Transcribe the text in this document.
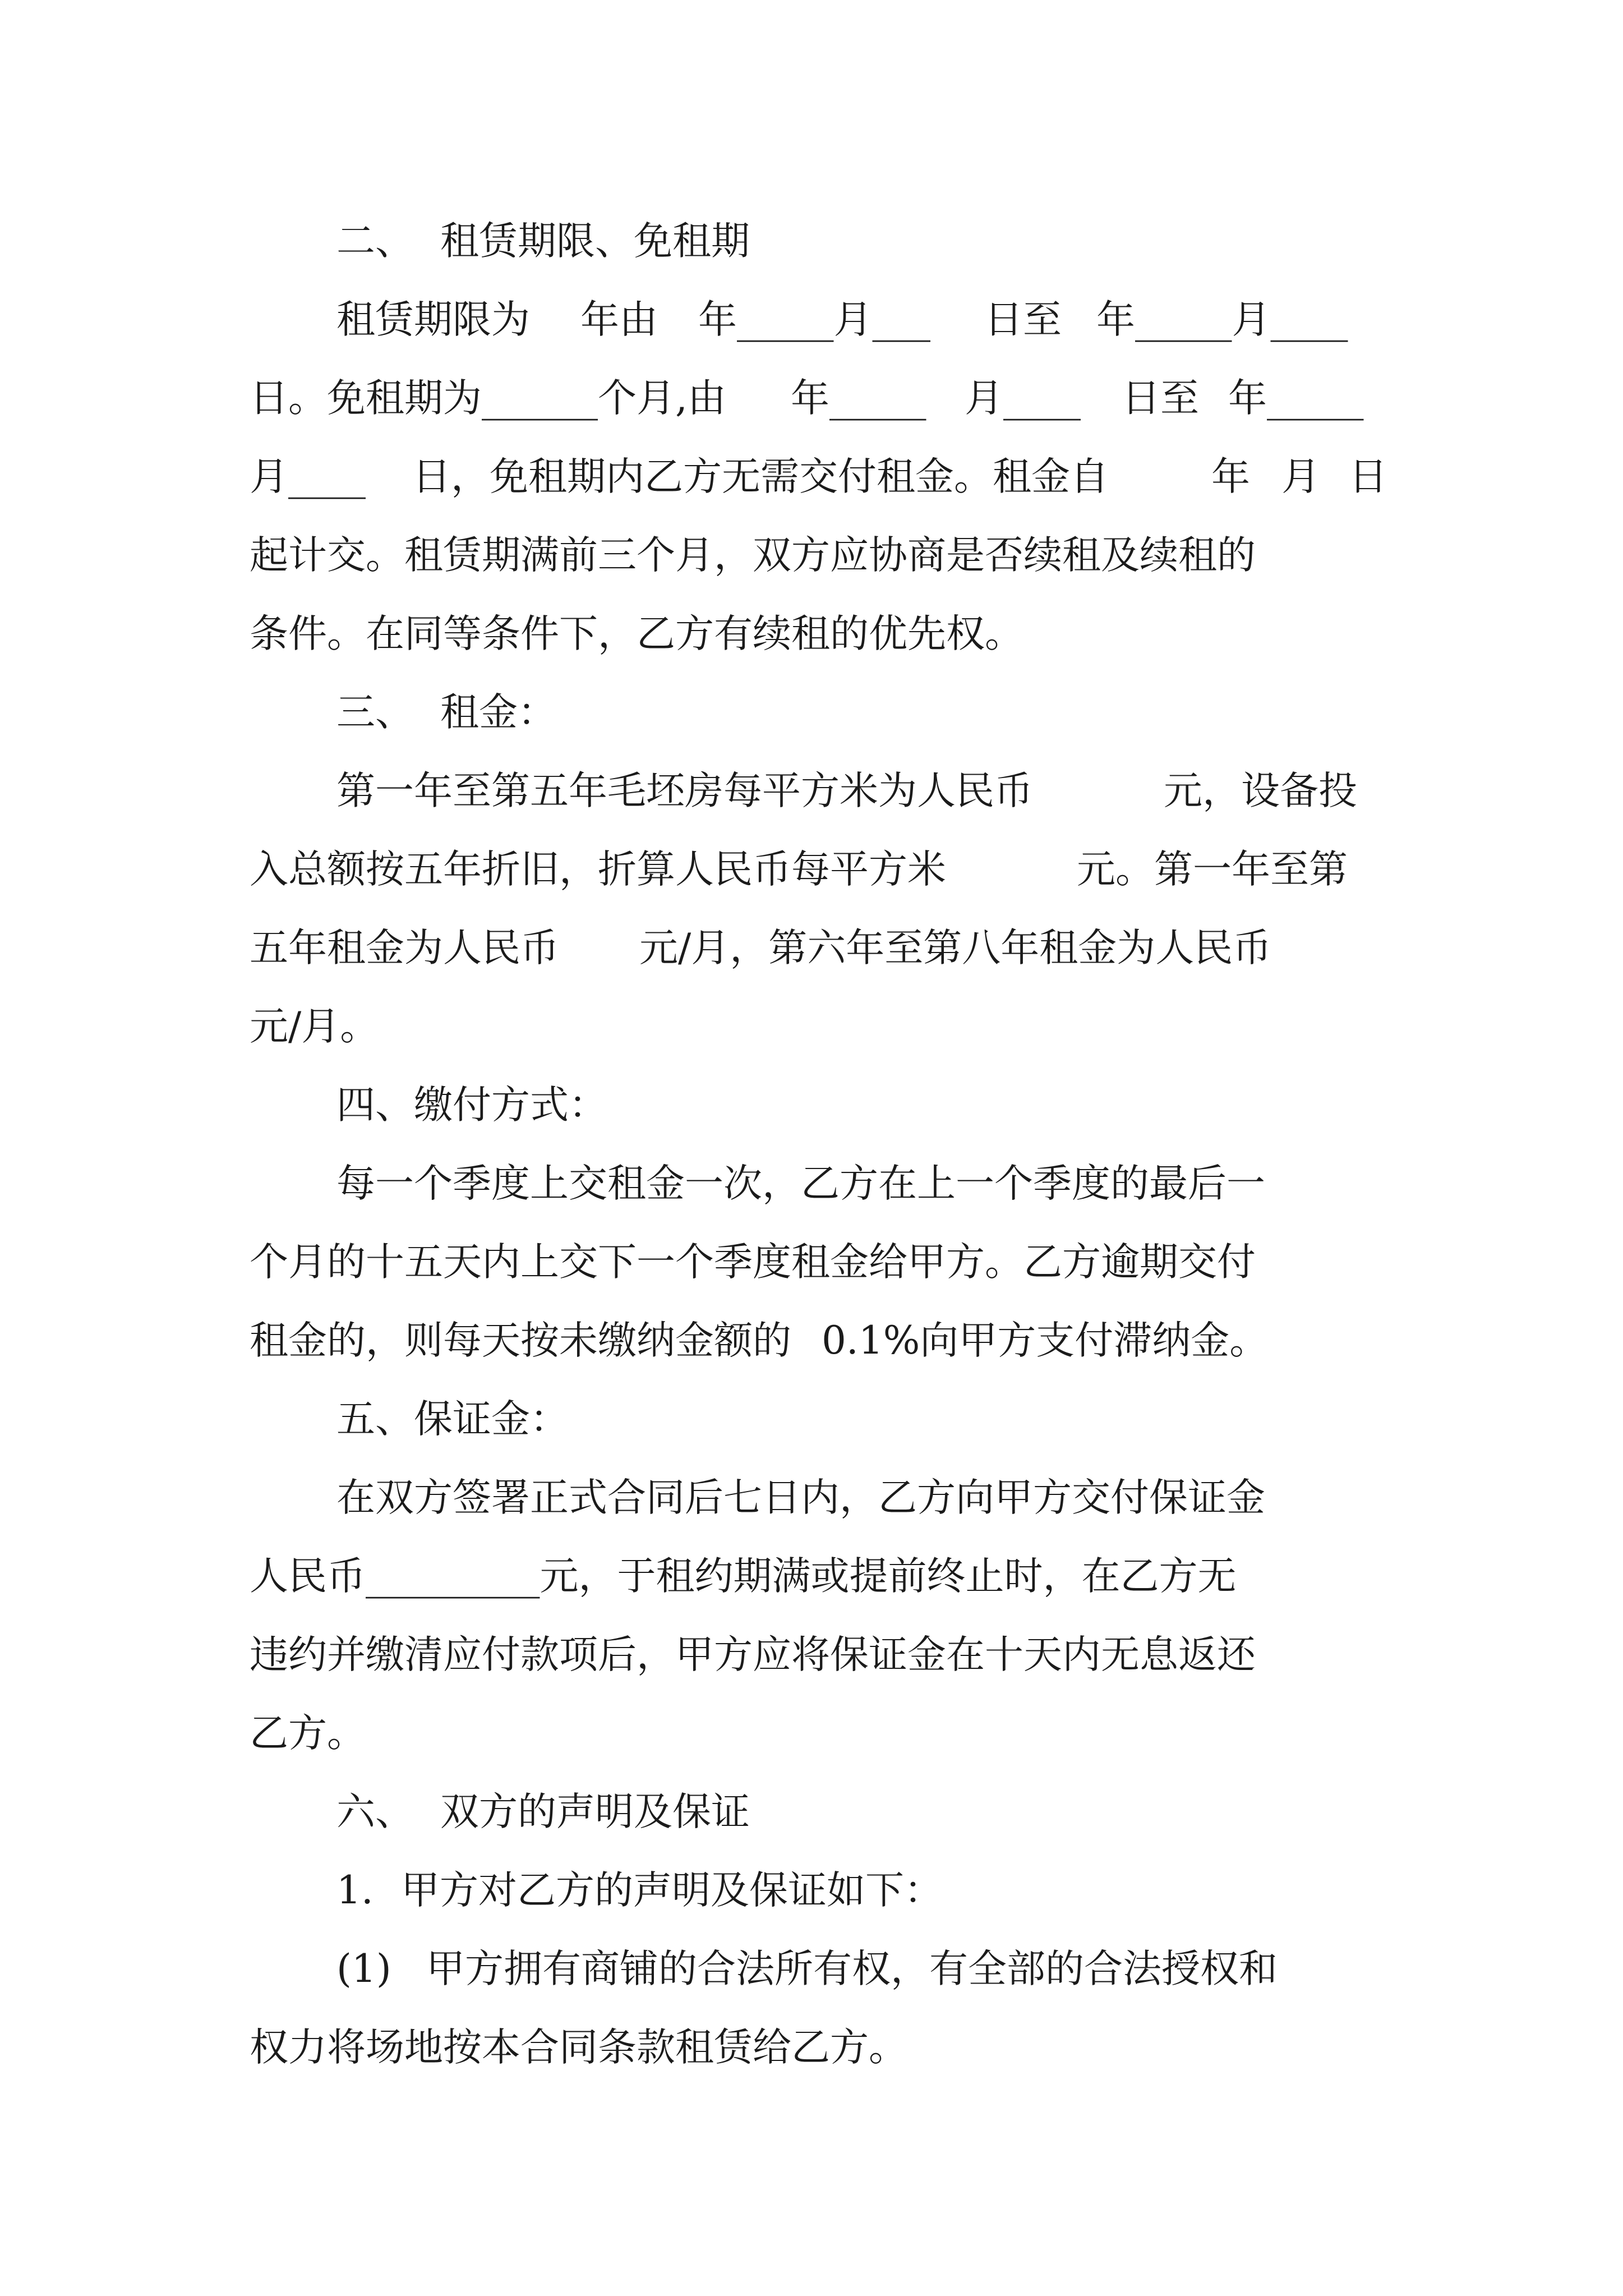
二、

租赁期限、免租期

租赁期限为

年由

年_____月___

日至

年_____月____

日。免租期为______个月,由

年_____

月____

日至

年_____

月____

日，免租期内乙方无需交付租金。租金自

	年

月

日

起计交。租赁期满前三个月，双方应协商是否续租及续租的

条件。在同等条件下，乙方有续租的优先权。

三、

租金：

第一年至第五年毛坯房每平方米为人民币

	元，设备投

入总额按五年折旧，折算人民币每平方米

	元。第一年至第

五年租金为人民币

元/月，第六年至第八年租金为人民币

元/月。

四、缴付方式：

每一个季度上交租金一次，乙方在上一个季度的最后一

个月的十五天内上交下一个季度租金给甲方。乙方逾期交付

租金的，则每天按未缴纳金额的

0.1%向甲方支付滞纳金。

五、保证金：

在双方签署正式合同后七日内，乙方向甲方交付保证金

人民币_________元，于租约期满或提前终止时，在乙方无

违约并缴清应付款项后，甲方应将保证金在十天内无息返还

乙方。

六、

双方的声明及保证

1.

甲方对乙方的声明及保证如下：

(1)

甲方拥有商铺的合法所有权，有全部的合法授权和

权力将场地按本合同条款租赁给乙方。
